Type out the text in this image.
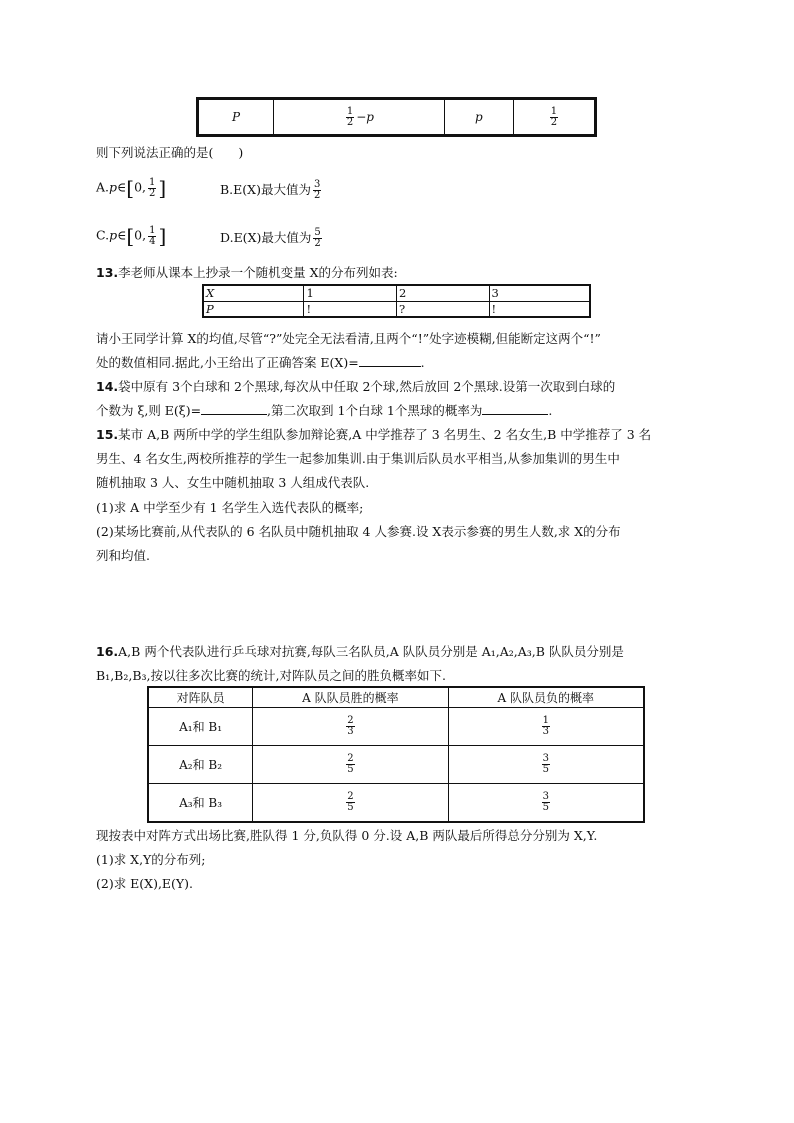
P	$\frac{1}{2} -p$	p	$\frac{1}{2}$
则下列说法正确的是(　　)
A.p∈[0, $\frac{1}{2}$ ]	B.E(X)最大值为 $\frac{3}{2}$
C.p∈[0, $\frac{1}{4}$ ]	D.E(X)最大值为 $\frac{5}{2}$
13.李老师从课本上抄录一个随机变量 X的分布列如表:
X	1	2	3
P	!	?	!
请小王同学计算 X的均值,尽管“?”处完全无法看清,且两个“!”处字迹模糊,但能断定这两个“!”
处的数值相同.据此,小王给出了正确答案 E(X)=	.
14.袋中原有 3个白球和 2个黑球,每次从中任取 2个球,然后放回 2个黑球.设第一次取到白球的
个数为 ξ,则 E(ξ)=	,第二次取到 1个白球 1个黑球的概率为	.
15.某市 A,B 两所中学的学生组队参加辩论赛,A 中学推荐了 3 名男生、2 名女生,B 中学推荐了 3 名
男生、4 名女生,两校所推荐的学生一起参加集训.由于集训后队员水平相当,从参加集训的男生中
随机抽取 3 人、女生中随机抽取 3 人组成代表队.
(1)求 A 中学至少有 1 名学生入选代表队的概率;
(2)某场比赛前,从代表队的 6 名队员中随机抽取 4 人参赛.设 X表示参赛的男生人数,求 X的分布
列和均值.
16.A,B 两个代表队进行乒乓球对抗赛,每队三名队员,A 队队员分别是 A₁,A₂,A₃,B 队队员分别是
B₁,B₂,B₃,按以往多次比赛的统计,对阵队员之间的胜负概率如下.
对阵队员	A 队队员胜的概率	A 队队员负的概率
A₁和 B₁	$\frac{2}{3}$	$\frac{1}{3}$

A₂和 B₂	$\frac{2}{5}$	$\frac{3}{5}$

A₃和 B₃	$\frac{2}{5}$	$\frac{3}{5}$
现按表中对阵方式出场比赛,胜队得 1 分,负队得 0 分.设 A,B 两队最后所得总分分别为 X,Y.
(1)求 X,Y的分布列;
(2)求 E(X),E(Y).
